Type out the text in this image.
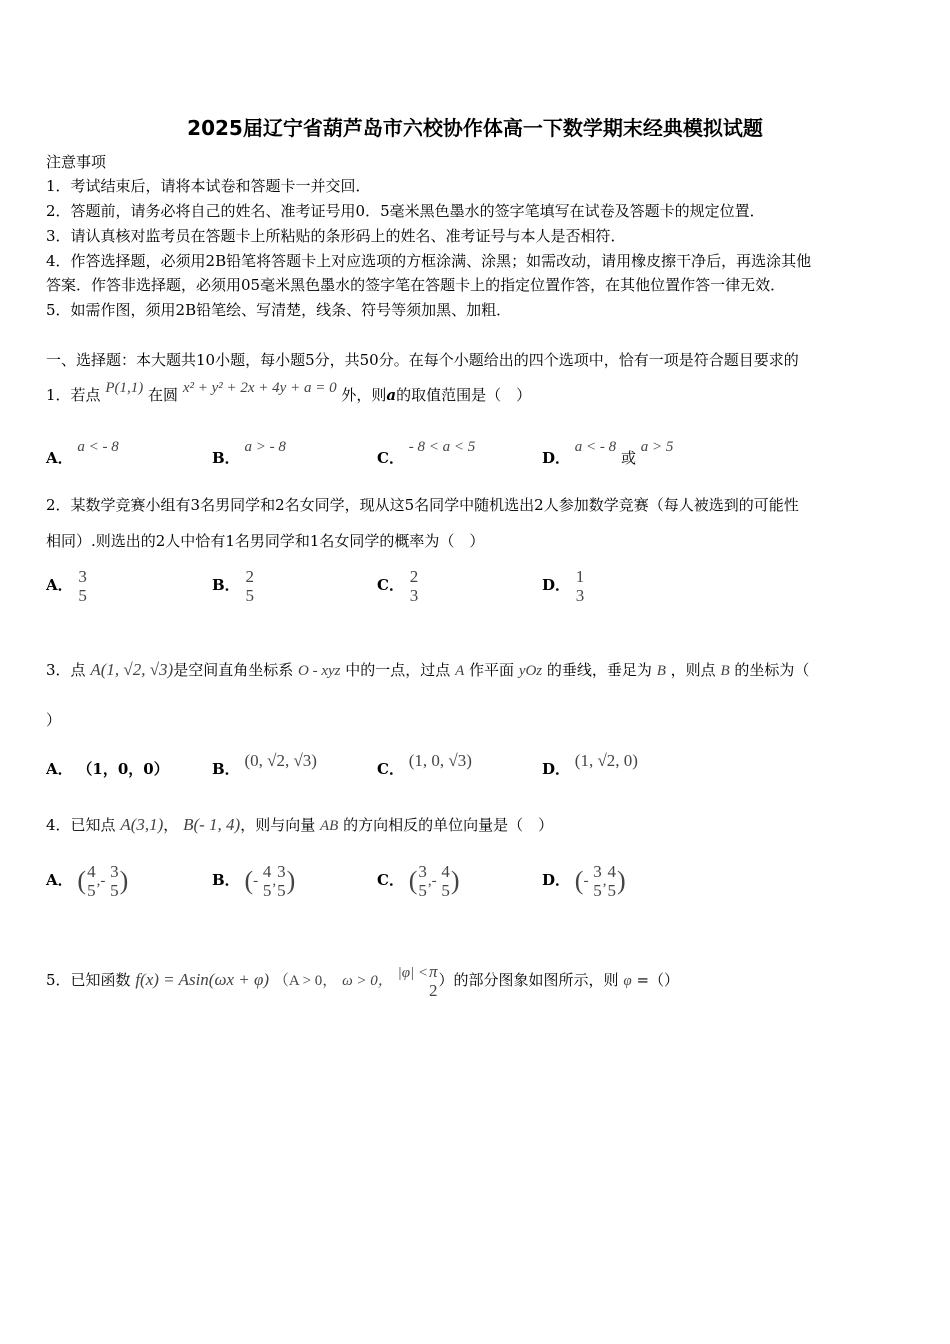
2025届辽宁省葫芦岛市六校协作体高一下数学期末经典模拟试题
注意事项
1．考试结束后，请将本试卷和答题卡一并交回．
2．答题前，请务必将自己的姓名、准考证号用0．5毫米黑色墨水的签字笔填写在试卷及答题卡的规定位置．
3．请认真核对监考员在答题卡上所粘贴的条形码上的姓名、准考证号与本人是否相符．
4．作答选择题，必须用2B铅笔将答题卡上对应选项的方框涂满、涂黑；如需改动，请用橡皮擦干净后，再选涂其他
答案．作答非选择题，必须用05毫米黑色墨水的签字笔在答题卡上的指定位置作答，在其他位置作答一律无效．
5．如需作图，须用2B铅笔绘、写清楚，线条、符号等须加黑、加粗．
一、选择题：本大题共10小题，每小题5分，共50分。在每个小题给出的四个选项中，恰有一项是符合题目要求的
1．若点 P(1,1) 在圆 x² + y² + 2x + 4y + a = 0 外，则a的取值范围是（　）
A． a < - 8
B． a > - 8
C． - 8 < a < 5
D． a < - 8 或 a > 5
2．某数学竞赛小组有3名男同学和2名女同学，现从这5名同学中随机选出2人参加数学竞赛（每人被选到的可能性
相同）.则选出的2人中恰有1名男同学和1名女同学的概率为（　）
A． 3
5
B． 2
5
C． 2
3
D． 1
3
3．点 A(1, √2, √3)是空间直角坐标系 O - xyz 中的一点，过点 A 作平面 yOz 的垂线，垂足为 B ，则点 B 的坐标为（
）
A． （1，0，0）	B． (0, √2, √3)	C． (1, 0, √3)	D． (1, √2, 0)
4．已知点 A(3,1)， B(- 1, 4)，则与向量 AB 的方向相反的单位向量是（　）
A． ( 4
5 ,- 3
5 )	B． (- 4
5 , 3
5 )	C． ( 3
5 ,- 4
5 )	D． (- 3
5 , 4
5 )
5．已知函数 f(x) = Asin(ωx + φ) （A > 0， ω > 0， |φ| < π
2
）的部分图象如图所示，则 φ =（）
